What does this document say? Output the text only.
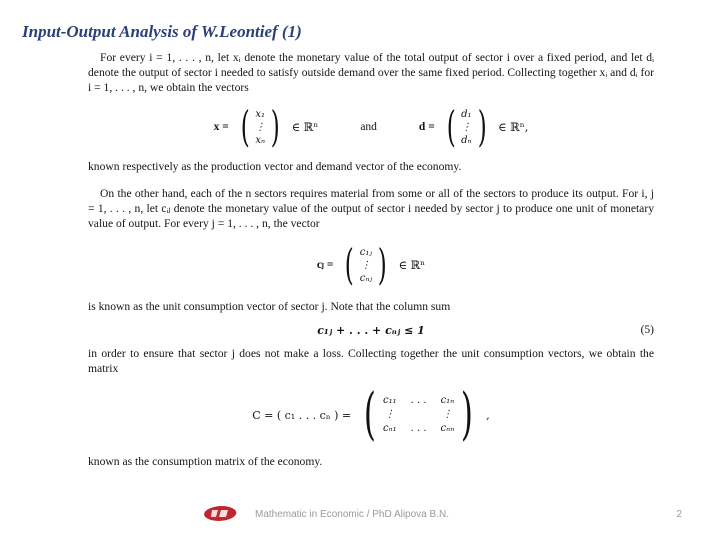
Input-Output Analysis of W.Leontief (1)

For every i = 1, . . . , n, let xᵢ denote the monetary value of the total output of sector i over a fixed period, and let dᵢ denote the output of sector i needed to satisfy outside demand over the same fixed period. Collecting together xᵢ and dᵢ for i = 1, . . . , n, we obtain the vectors

x = ( x₁
⋮
xₙ ) ∈ ℝⁿ	and	d = ( d₁
⋮
dₙ ) ∈ ℝⁿ,

known respectively as the production vector and demand vector of the economy.

On the other hand, each of the n sectors requires material from some or all of the sectors to produce its output. For i, j = 1, . . . , n, let cᵢⱼ denote the monetary value of the output of sector i needed by sector j to produce one unit of monetary value of output. For every j = 1, . . . , n, the vector

cⱼ = ( c₁ⱼ
⋮
cₙⱼ ) ∈ ℝⁿ

is known as the unit consumption vector of sector j. Note that the column sum

c₁ⱼ + . . . + cₙⱼ ≤ 1	(5)

in order to ensure that sector j does not make a loss. Collecting together the unit consumption vectors, we obtain the matrix

C = ( c₁ . . . cₙ ) = ( c₁₁ . . . c₁ₙ
⋮	⋮
cₙ₁ . . . cₙₙ ) ,

known as the consumption matrix of the economy.

Mathematic in Economic / PhD Alipova B.N.	2
